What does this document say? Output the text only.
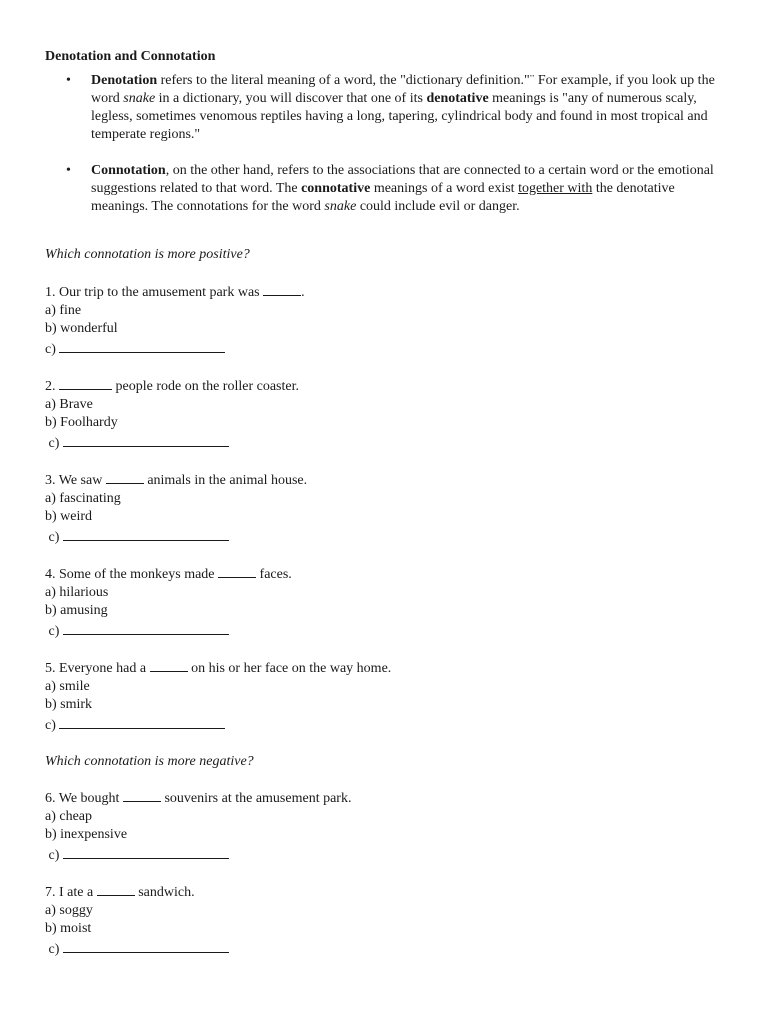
Denotation and Connotation
• Denotation refers to the literal meaning of a word, the "dictionary definition."¨ For example, if you look up the word snake in a dictionary, you will discover that one of its denotative meanings is "any of numerous scaly, legless, sometimes venomous reptiles having a long, tapering, cylindrical body and found in most tropical and temperate regions."
• Connotation, on the other hand, refers to the associations that are connected to a certain word or the emotional suggestions related to that word. The connotative meanings of a word exist together with the denotative meanings. The connotations for the word snake could include evil or danger.

Which connotation is more positive?

1. Our trip to the amusement park was	.

a) fine

b) wonderful

c)

2.	people rode on the roller coaster.

a) Brave

b) Foolhardy

c)

3. We saw	animals in the animal house.

a) fascinating

b) weird

c)

4. Some of the monkeys made	faces.

a) hilarious

b) amusing

c)

5. Everyone had a	on his or her face on the way home.

a) smile

b) smirk

c)

Which connotation is more negative?

6. We bought	souvenirs at the amusement park.

a) cheap

b) inexpensive

c)

7. I ate a	sandwich.

a) soggy

b) moist

c)
